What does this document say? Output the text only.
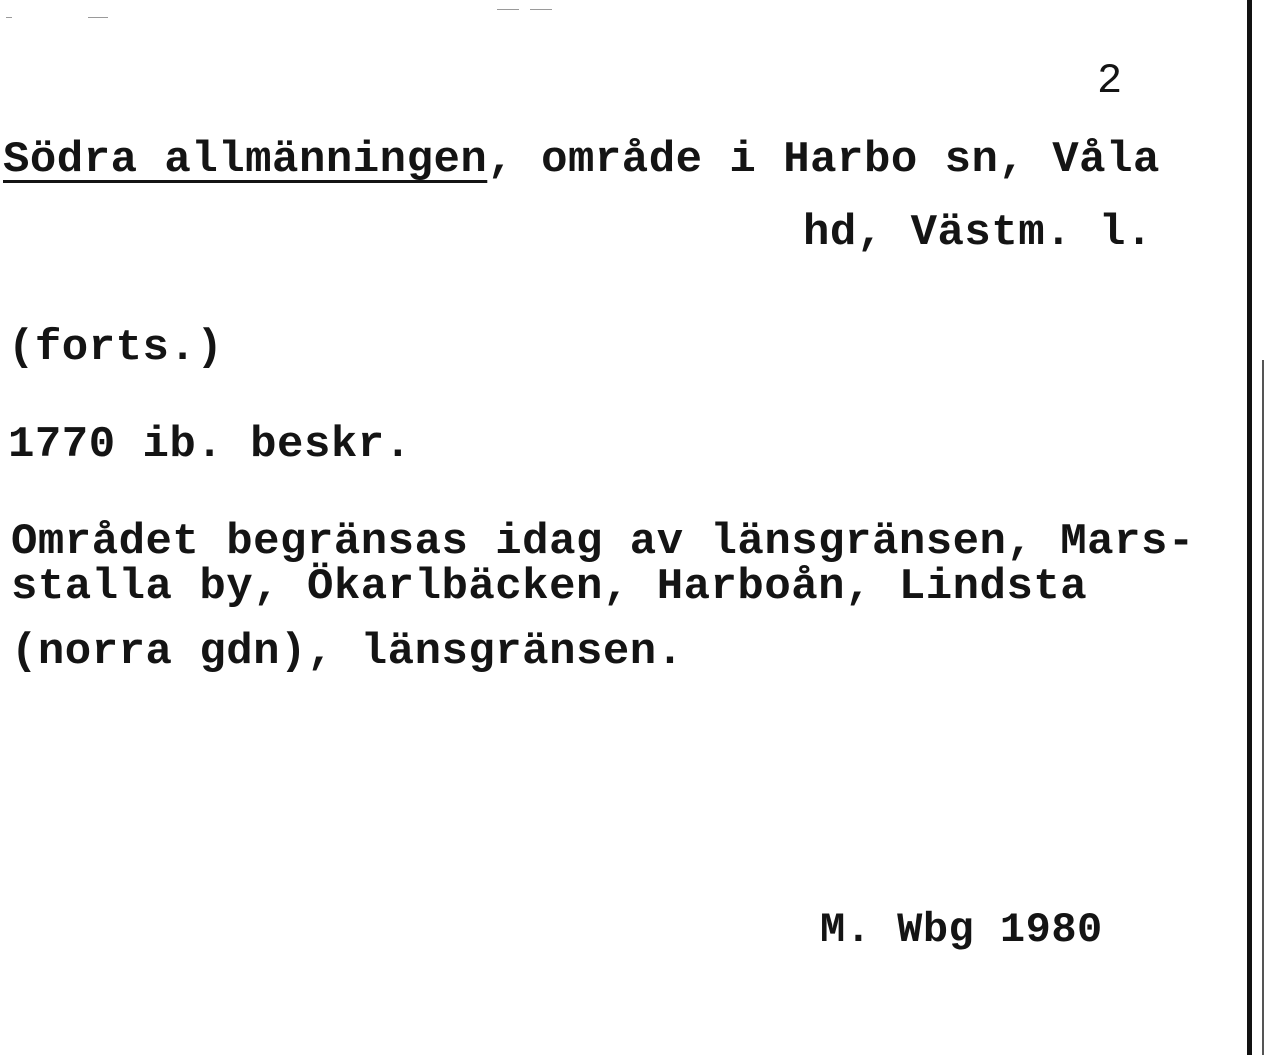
2
Södra allmänningen, område i Harbo sn, Våla
hd, Västm. l.
(forts.)
1770 ib. beskr.
Området begränsas idag av länsgränsen, Mars-
stalla by, Ökarlbäcken, Harboån, Lindsta
(norra gdn), länsgränsen.
M. Wbg 1980
